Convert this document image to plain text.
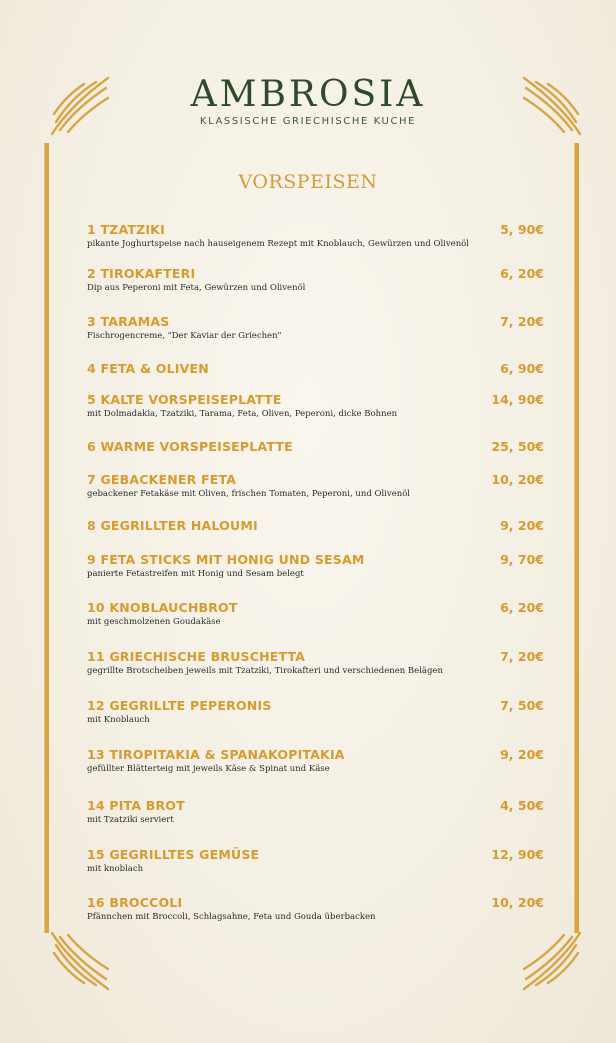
AMBROSIA
KLASSISCHE GRIECHISCHE KUCHE
VORSPEISEN
1 TZATZIKI	5, 90€
pikante Joghurtspeise nach hauseigenem Rezept mit Knoblauch, Gewürzen und Olivenöl
2 TIROKAFTERI	6, 20€
Dip aus Peperoni mit Feta, Gewürzen und Olivenöl
3 TARAMAS	7, 20€
Fischrogencreme, "Der Kaviar der Griechen"
4 FETA & OLIVEN	6, 90€
5 KALTE VORSPEISEPLATTE	14, 90€
mit Dolmadakia, Tzatziki, Tarama, Feta, Oliven, Peperoni, dicke Bohnen
6 WARME VORSPEISEPLATTE	25, 50€
7 GEBACKENER FETA	10, 20€
gebackener Fetakäse mit Oliven, frischen Tomaten, Peperoni, und Olivenöl
8 GEGRILLTER HALOUMI	9, 20€
9 FETA STICKS MIT HONIG UND SESAM	9, 70€
panierte Fetastreifen mit Honig und Sesam belegt
10 KNOBLAUCHBROT	6, 20€
mit geschmolzenen Goudakäse
11 GRIECHISCHE BRUSCHETTA	7, 20€
gegrillte Brotscheiben jeweils mit Tzatziki, Tirokafteri und verschiedenen Belägen
12 GEGRILLTE PEPERONIS	7, 50€
mit Knoblauch
13 TIROPITAKIA & SPANAKOPITAKIA	9, 20€
gefüllter Blätterteig mit jeweils Käse & Spinat und Käse
14 PITA BROT	4, 50€
mit Tzatziki serviert
15 GEGRILLTES GEMÜSE	12, 90€
mit knoblach
16 BROCCOLI	10, 20€
Pfännchen mit Broccoli, Schlagsahne, Feta und Gouda überbacken
